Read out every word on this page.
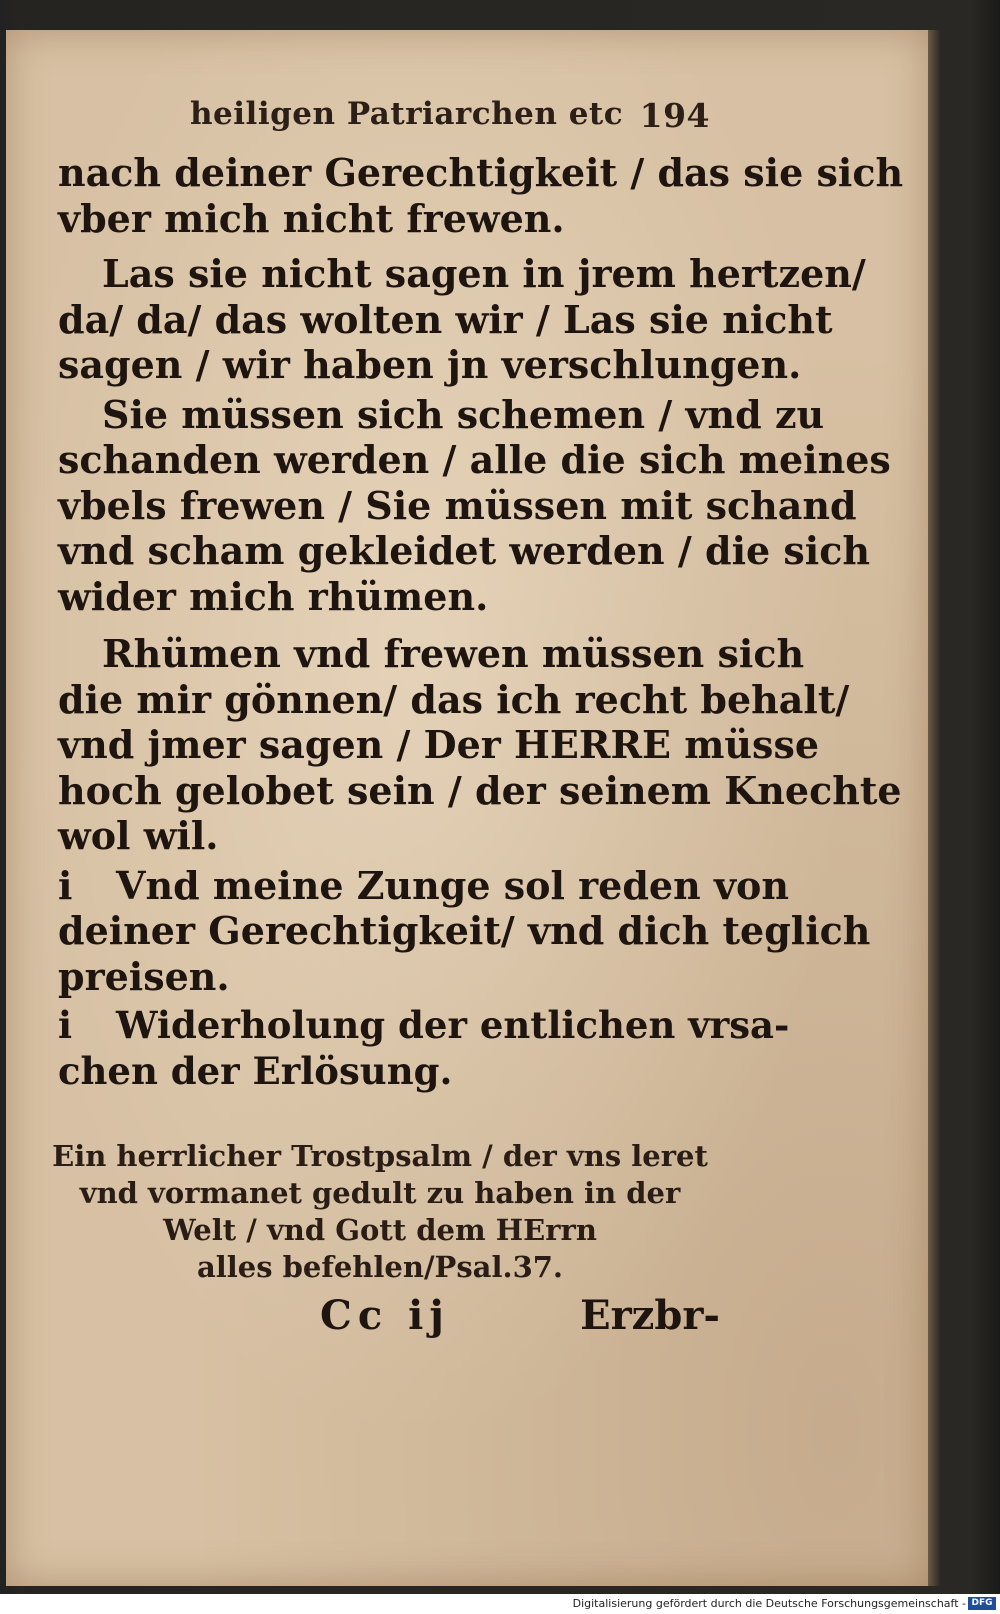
heiligen Patriarchen etc 194
nach deiner Gerechtigkeit / das sie sich
vber mich nicht frewen.
Las sie nicht sagen in jrem hertzen/
da/ da/ das wolten wir / Las sie nicht
sagen / wir haben jn verschlungen.
Sie müssen sich schemen / vnd zu
schanden werden / alle die sich meines
vbels frewen / Sie müssen mit schand
vnd scham gekleidet werden / die sich
wider mich rhümen.
Rhümen vnd frewen müssen sich
die mir gönnen/ das ich recht behalt/
vnd jmer sagen / Der HERRE müsse
hoch gelobet sein / der seinem Knechte
wol wil.
i Vnd meine Zunge sol reden von
deiner Gerechtigkeit/ vnd dich teglich
preisen.
i Widerholung der entlichen vrsa-
chen der Erlösung.
Ein herrlicher Trostpsalm / der vns leret
vnd vormanet gedult zu haben in der
Welt / vnd Gott dem HErrn
alles befehlen/Psal.37.
Cc ij	Erzbr-
Digitalisierung gefördert durch die Deutsche Forschungsgemeinschaft - DFG
